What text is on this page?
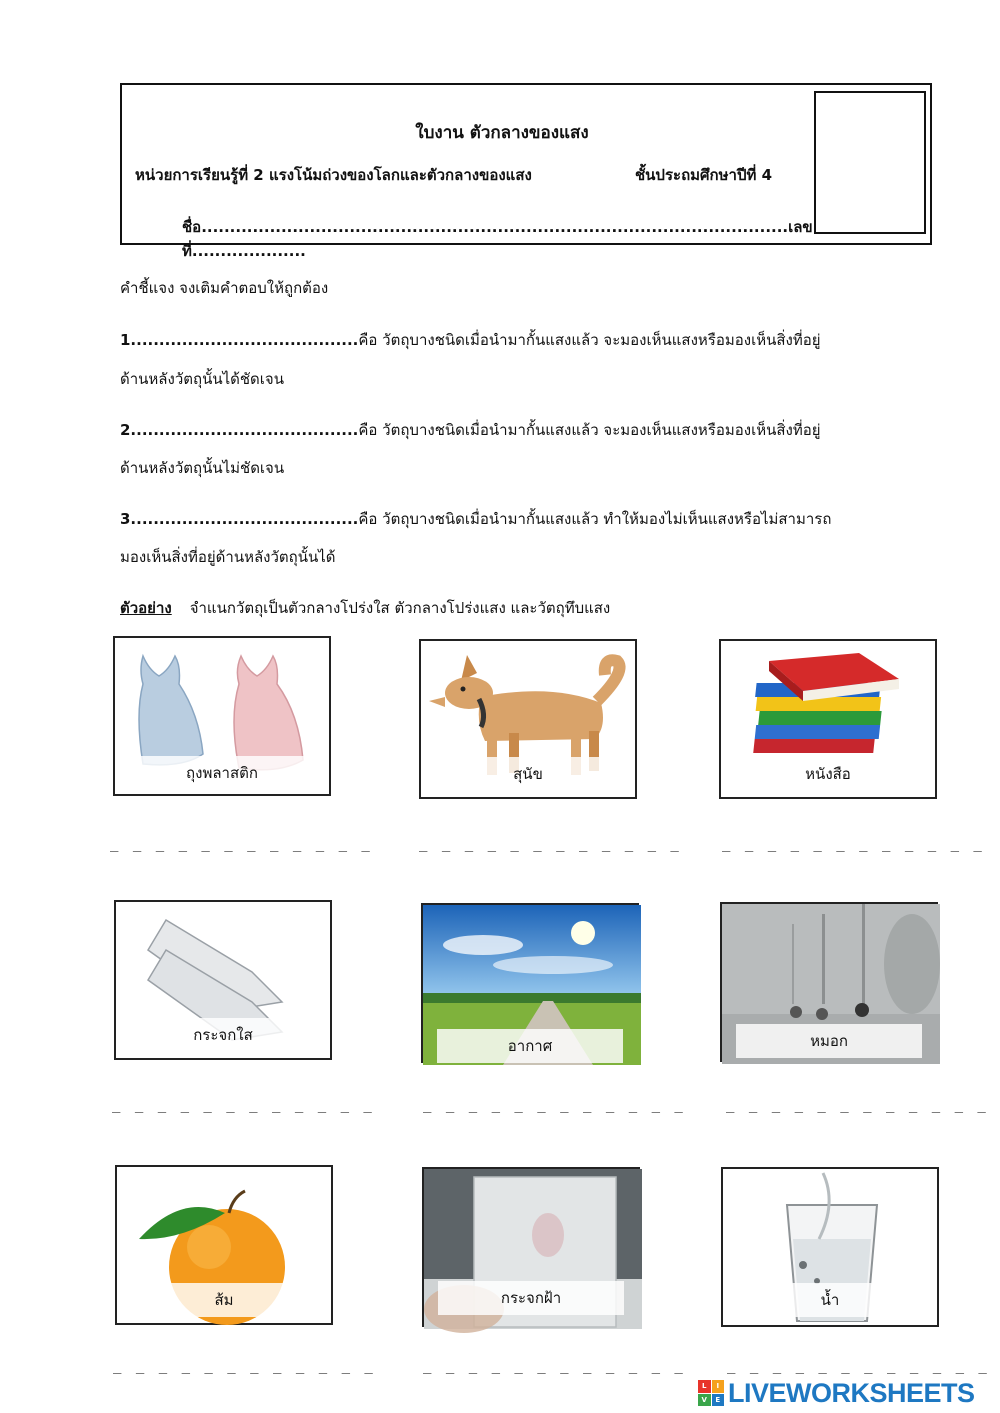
ใบงาน ตัวกลางของแสง
หน่วยการเรียนรู้ที่ 2 แรงโน้มถ่วงของโลกและตัวกลางของแสง	ชั้นประถมศึกษาปีที่ 4
ชื่อ.......................................................................................................เลขที่....................
คำชี้แจง จงเติมคำตอบให้ถูกต้อง
1........................................คือ วัตถุบางชนิดเมื่อนำมากั้นแสงแล้ว จะมองเห็นแสงหรือมองเห็นสิ่งที่อยู่
ด้านหลังวัตถุนั้นได้ชัดเจน
2........................................คือ วัตถุบางชนิดเมื่อนำมากั้นแสงแล้ว จะมองเห็นแสงหรือมองเห็นสิ่งที่อยู่
ด้านหลังวัตถุนั้นไม่ชัดเจน
3........................................คือ วัตถุบางชนิดเมื่อนำมากั้นแสงแล้ว ทำให้มองไม่เห็นแสงหรือไม่สามารถ
มองเห็นสิ่งที่อยู่ด้านหลังวัตถุนั้นได้
ตัวอย่าง จำแนกวัตถุเป็นตัวกลางโปร่งใส ตัวกลางโปร่งแสง และวัตถุทึบแสง
ถุงพลาสติก
_ _ _ _ _ _ _ _ _ _ _ _
สุนัข
_ _ _ _ _ _ _ _ _ _ _ _
หนังสือ
_ _ _ _ _ _ _ _ _ _ _ _
กระจกใส
_ _ _ _ _ _ _ _ _ _ _ _
อากาศ
_ _ _ _ _ _ _ _ _ _ _ _
หมอก
_ _ _ _ _ _ _ _ _ _ _ _
ส้ม
_ _ _ _ _ _ _ _ _ _ _ _
กระจกฝ้า
_ _ _ _ _ _ _ _ _ _ _ _
น้ำ
_ _ _ _ _ _ _ _ _ _ _ _
L	I
V	E LIVEWORKSHEETS
